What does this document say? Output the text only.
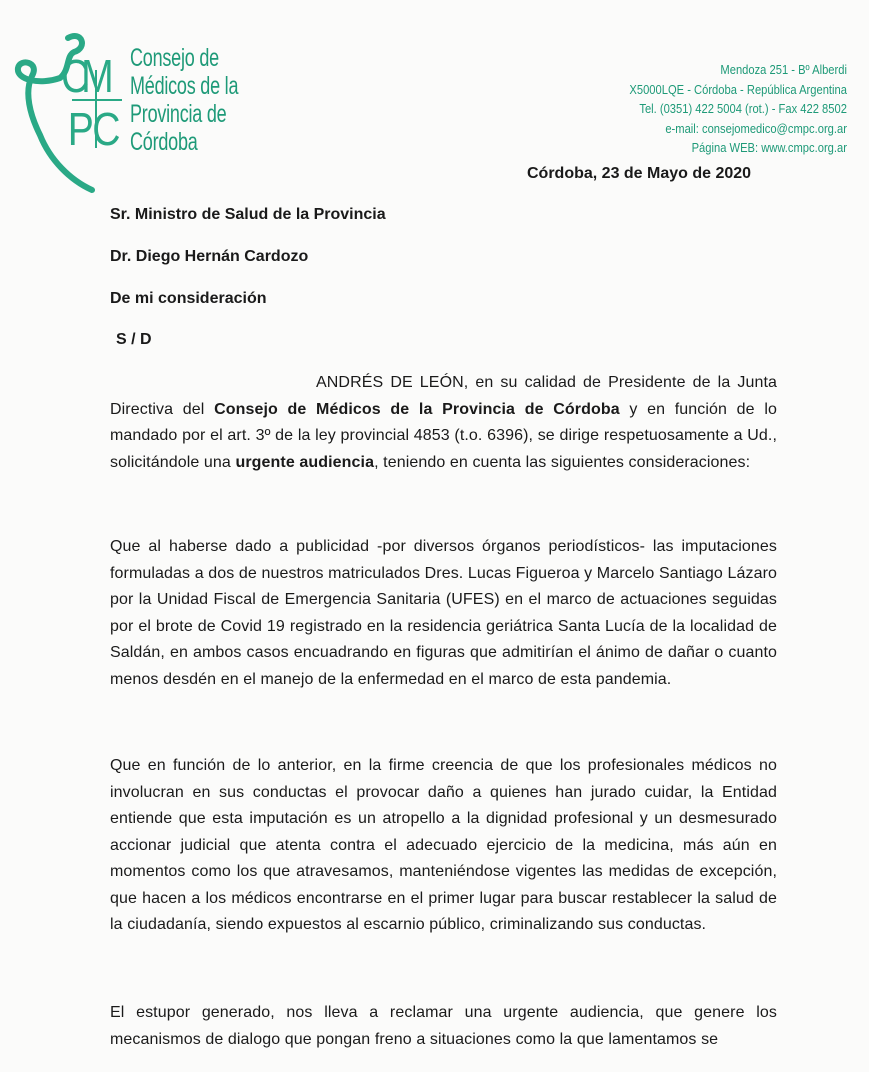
CM
PC
Consejo de
Médicos de la
Provincia de
Córdoba
Mendoza 251 - Bº Alberdi
X5000LQE - Córdoba - República Argentina
Tel. (0351) 422 5004 (rot.) - Fax 422 8502
e-mail: consejomedico@cmpc.org.ar
Página WEB: www.cmpc.org.ar
Córdoba, 23 de Mayo de 2020
Sr. Ministro de Salud de la Provincia
Dr. Diego Hernán Cardozo
De mi consideración
S / D

ANDRÉS DE LEÓN, en su calidad de Presidente de la Junta Directiva del Consejo de Médicos de la Provincia de Córdoba y en función de lo mandado por el art. 3º de la ley provincial 4853 (t.o. 6396), se dirige respetuosamente a Ud., solicitándole una urgente audiencia, teniendo en cuenta las siguientes consideraciones:

Que al haberse dado a publicidad -por diversos órganos periodísticos- las imputaciones formuladas a dos de nuestros matriculados Dres. Lucas Figueroa y Marcelo Santiago Lázaro por la Unidad Fiscal de Emergencia Sanitaria (UFES) en el marco de actuaciones seguidas por el brote de Covid 19 registrado en la residencia geriátrica Santa Lucía de la localidad de Saldán, en ambos casos encuadrando en figuras que admitirían el ánimo de dañar o cuanto menos desdén en el manejo de la enfermedad en el marco de esta pandemia.

Que en función de lo anterior, en la firme creencia de que los profesionales médicos no involucran en sus conductas el provocar daño a quienes han jurado cuidar, la Entidad entiende que esta imputación es un atropello a la dignidad profesional y un desmesurado accionar judicial que atenta contra el adecuado ejercicio de la medicina, más aún en momentos como los que atravesamos, manteniéndose vigentes las medidas de excepción, que hacen a los médicos encontrarse en el primer lugar para buscar restablecer la salud de la ciudadanía, siendo expuestos al escarnio público, criminalizando sus conductas.

El estupor generado, nos lleva a reclamar una urgente audiencia, que genere los mecanismos de dialogo que pongan freno a situaciones como la que lamentamos se
